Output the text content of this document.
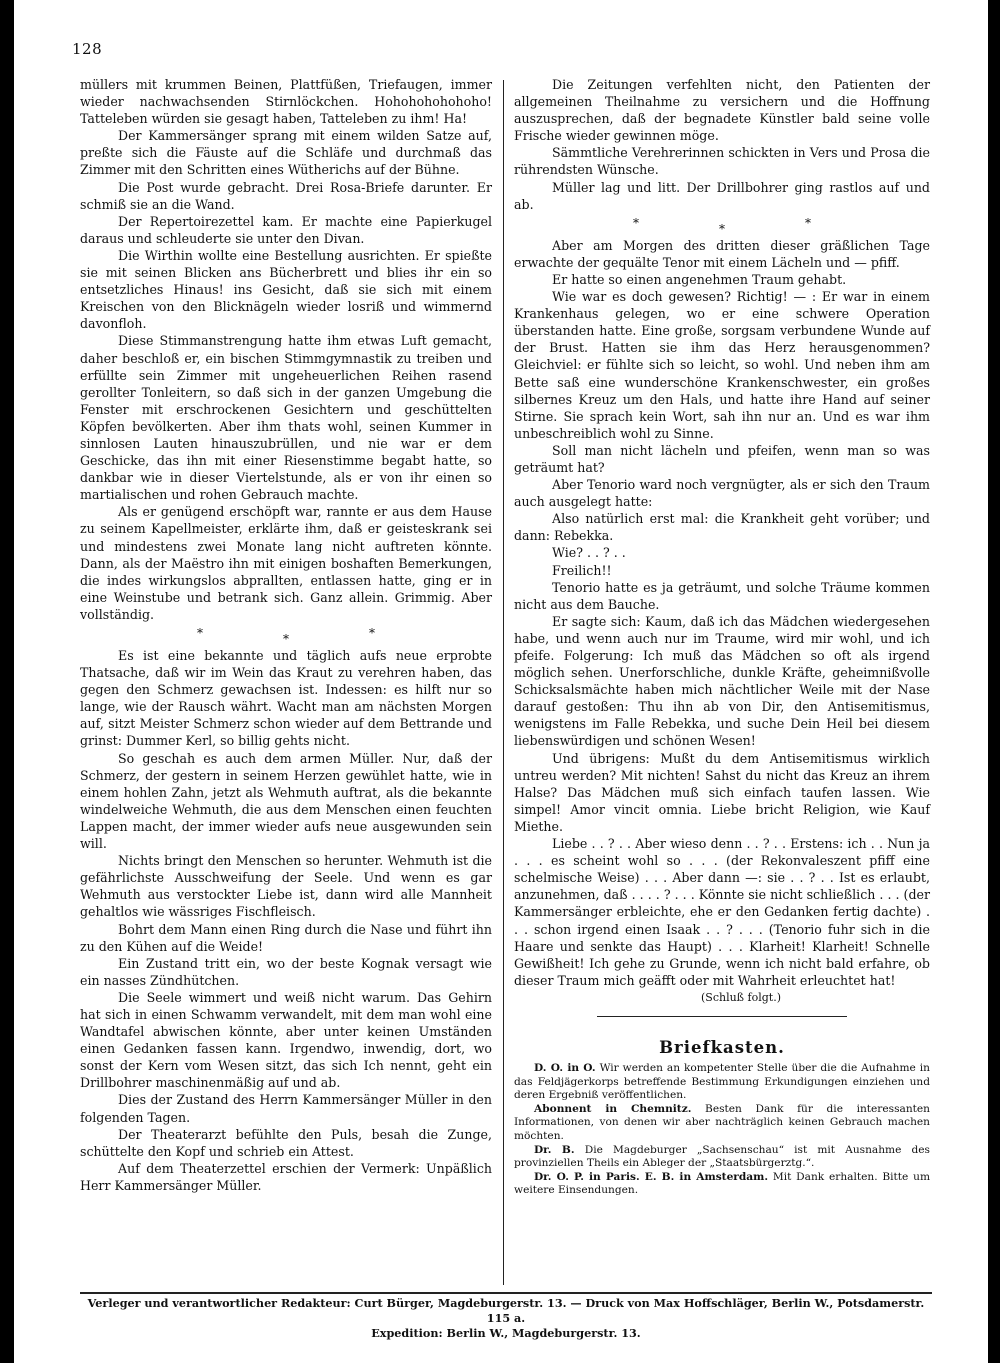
128

müllers mit krummen Beinen, Plattfüßen, Triefaugen, immer wieder nachwachsenden Stirnlöckchen. Hohohohohohoho! Tatteleben würden sie gesagt haben, Tatteleben zu ihm! Ha!

Der Kammersänger sprang mit einem wilden Satze auf, preßte sich die Fäuste auf die Schläfe und durchmaß das Zimmer mit den Schritten eines Wütherichs auf der Bühne.

Die Post wurde gebracht. Drei Rosa-Briefe darunter. Er schmiß sie an die Wand.

Der Repertoirezettel kam. Er machte eine Papierkugel daraus und schleuderte sie unter den Divan.

Die Wirthin wollte eine Bestellung ausrichten. Er spießte sie mit seinen Blicken ans Bücherbrett und blies ihr ein so entsetzliches Hinaus! ins Gesicht, daß sie sich mit einem Kreischen von den Blicknägeln wieder losriß und wimmernd davonfloh.

Diese Stimmanstrengung hatte ihm etwas Luft gemacht, daher beschloß er, ein bischen Stimmgymnastik zu treiben und erfüllte sein Zimmer mit ungeheuerlichen Reihen rasend gerollter Tonleitern, so daß sich in der ganzen Umgebung die Fenster mit erschrockenen Gesichtern und geschüttelten Köpfen bevölkerten. Aber ihm thats wohl, seinen Kummer in sinnlosen Lauten hinauszubrüllen, und nie war er dem Geschicke, das ihn mit einer Riesenstimme begabt hatte, so dankbar wie in dieser Viertelstunde, als er von ihr einen so martialischen und rohen Gebrauch machte.

Als er genügend erschöpft war, rannte er aus dem Hause zu seinem Kapellmeister, erklärte ihm, daß er geisteskrank sei und mindestens zwei Monate lang nicht auftreten könnte. Dann, als der Maëstro ihn mit einigen boshaften Bemerkungen, die indes wirkungslos abprallten, entlassen hatte, ging er in eine Weinstube und betrank sich. Ganz allein. Grimmig. Aber vollständig.

*	*	*

Es ist eine bekannte und täglich aufs neue erprobte Thatsache, daß wir im Wein das Kraut zu verehren haben, das gegen den Schmerz gewachsen ist. Indessen: es hilft nur so lange, wie der Rausch währt. Wacht man am nächsten Morgen auf, sitzt Meister Schmerz schon wieder auf dem Bettrande und grinst: Dummer Kerl, so billig gehts nicht.

So geschah es auch dem armen Müller. Nur, daß der Schmerz, der gestern in seinem Herzen gewühlet hatte, wie in einem hohlen Zahn, jetzt als Wehmuth auftrat, als die bekannte windelweiche Wehmuth, die aus dem Menschen einen feuchten Lappen macht, der immer wieder aufs neue ausgewunden sein will.

Nichts bringt den Menschen so herunter. Wehmuth ist die gefährlichste Ausschweifung der Seele. Und wenn es gar Wehmuth aus verstockter Liebe ist, dann wird alle Mannheit gehaltlos wie wässriges Fischfleisch.

Bohrt dem Mann einen Ring durch die Nase und führt ihn zu den Kühen auf die Weide!

Ein Zustand tritt ein, wo der beste Kognak versagt wie ein nasses Zündhütchen.

Die Seele wimmert und weiß nicht warum. Das Gehirn hat sich in einen Schwamm verwandelt, mit dem man wohl eine Wandtafel abwischen könnte, aber unter keinen Umständen einen Gedanken fassen kann. Irgendwo, inwendig, dort, wo sonst der Kern vom Wesen sitzt, das sich Ich nennt, geht ein Drillbohrer maschinenmäßig auf und ab.

Dies der Zustand des Herrn Kammersänger Müller in den folgenden Tagen.

Der Theaterarzt befühlte den Puls, besah die Zunge, schüttelte den Kopf und schrieb ein Attest.

Auf dem Theaterzettel erschien der Vermerk: Unpäßlich Herr Kammersänger Müller.

Die Zeitungen verfehlten nicht, den Patienten der allgemeinen Theilnahme zu versichern und die Hoffnung auszusprechen, daß der begnadete Künstler bald seine volle Frische wieder gewinnen möge.

Sämmtliche Verehrerinnen schickten in Vers und Prosa die rührendsten Wünsche.

Müller lag und litt. Der Drillbohrer ging rastlos auf und ab.

*	*	*

Aber am Morgen des dritten dieser gräßlichen Tage erwachte der gequälte Tenor mit einem Lächeln und — pfiff.

Er hatte so einen angenehmen Traum gehabt.

Wie war es doch gewesen? Richtig! — : Er war in einem Krankenhaus gelegen, wo er eine schwere Operation überstanden hatte. Eine große, sorgsam verbundene Wunde auf der Brust. Hatten sie ihm das Herz herausgenommen? Gleichviel: er fühlte sich so leicht, so wohl. Und neben ihm am Bette saß eine wunderschöne Krankenschwester, ein großes silbernes Kreuz um den Hals, und hatte ihre Hand auf seiner Stirne. Sie sprach kein Wort, sah ihn nur an. Und es war ihm unbeschreiblich wohl zu Sinne.

Soll man nicht lächeln und pfeifen, wenn man so was geträumt hat?

Aber Tenorio ward noch vergnügter, als er sich den Traum auch ausgelegt hatte:

Also natürlich erst mal: die Krankheit geht vorüber; und dann: Rebekka.

Wie? . . ? . .

Freilich!!

Tenorio hatte es ja geträumt, und solche Träume kommen nicht aus dem Bauche.

Er sagte sich: Kaum, daß ich das Mädchen wiedergesehen habe, und wenn auch nur im Traume, wird mir wohl, und ich pfeife. Folgerung: Ich muß das Mädchen so oft als irgend möglich sehen. Unerforschliche, dunkle Kräfte, geheimnißvolle Schicksalsmächte haben mich nächtlicher Weile mit der Nase darauf gestoßen: Thu ihn ab von Dir, den Antisemitismus, wenigstens im Falle Rebekka, und suche Dein Heil bei diesem liebenswürdigen und schönen Wesen!

Und übrigens: Mußt du dem Antisemitismus wirklich untreu werden? Mit nichten! Sahst du nicht das Kreuz an ihrem Halse? Das Mädchen muß sich einfach taufen lassen. Wie simpel! Amor vincit omnia. Liebe bricht Religion, wie Kauf Miethe.

Liebe . . ? . . Aber wieso denn . . ? . . Erstens: ich . . Nun ja . . . es scheint wohl so . . . (der Rekonvaleszent pfiff eine schelmische Weise) . . . Aber dann —: sie . . ? . . Ist es erlaubt, anzunehmen, daß . . . . ? . . . Könnte sie nicht schließlich . . . (der Kammersänger erbleichte, ehe er den Gedanken fertig dachte) . . . schon irgend einen Isaak . . ? . . . (Tenorio fuhr sich in die Haare und senkte das Haupt) . . . Klarheit! Klarheit! Schnelle Gewißheit! Ich gehe zu Grunde, wenn ich nicht bald erfahre, ob dieser Traum mich geäfft oder mit Wahrheit erleuchtet hat!

(Schluß folgt.)

Briefkasten.

D. O. in O. Wir werden an kompetenter Stelle über die die Aufnahme in das Feldjägerkorps betreffende Bestimmung Erkundigungen einziehen und deren Ergebniß veröffentlichen.

Abonnent in Chemnitz. Besten Dank für die interessanten Informationen, von denen wir aber nachträglich keinen Gebrauch machen möchten.

Dr. B. Die Magdeburger „Sachsenschau“ ist mit Ausnahme des provinziellen Theils ein Ableger der „Staatsbürgerztg.“.

Dr. O. P. in Paris. E. B. in Amsterdam. Mit Dank erhalten. Bitte um weitere Einsendungen.

Verleger und verantwortlicher Redakteur: Curt Bürger, Magdeburgerstr. 13. — Druck von Max Hoffschläger, Berlin W., Potsdamerstr. 115 a.
Expedition: Berlin W., Magdeburgerstr. 13.
